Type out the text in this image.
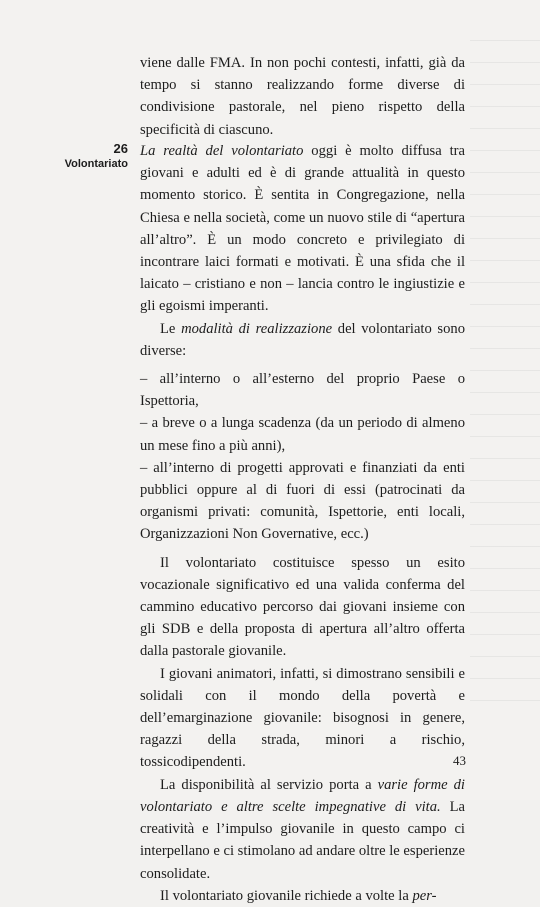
26
Volontariato

viene dalle FMA. In non pochi contesti, infatti, già da tempo si stanno realizzando forme diverse di condivisione pastorale, nel pieno rispetto della specificità di ciascuno.

La realtà del volontariato oggi è molto diffusa tra giovani e adulti ed è di grande attualità in questo momento storico. È sentita in Congregazione, nella Chiesa e nella società, come un nuovo stile di “apertura all’altro”. È un modo concreto e privilegiato di incontrare laici formati e motivati. È una sfida che il laicato – cristiano e non – lancia contro le ingiustizie e gli egoismi imperanti.

Le modalità di realizzazione del volontariato sono diverse:

– all’interno o all’esterno del proprio Paese o Ispettoria,

– a breve o a lunga scadenza (da un periodo di almeno un mese fino a più anni),

– all’interno di progetti approvati e finanziati da enti pubblici oppure al di fuori di essi (patrocinati da organismi privati: comunità, Ispettorie, enti locali, Organizzazioni Non Governative, ecc.)

Il volontariato costituisce spesso un esito vocazionale significativo ed una valida conferma del cammino educativo percorso dai giovani insieme con gli SDB e della proposta di apertura all’altro offerta dalla pastorale giovanile.

I giovani animatori, infatti, si dimostrano sensibili e solidali con il mondo della povertà e dell’emarginazione giovanile: bisognosi in genere, ragazzi della strada, minori a rischio, tossicodipendenti.

La disponibilità al servizio porta a varie forme di volontariato e altre scelte impegnative di vita. La creatività e l’impulso giovanile in questo campo ci interpellano e ci stimolano ad andare oltre le esperienze consolidate.

Il volontariato giovanile richiede a volte la per-

43
